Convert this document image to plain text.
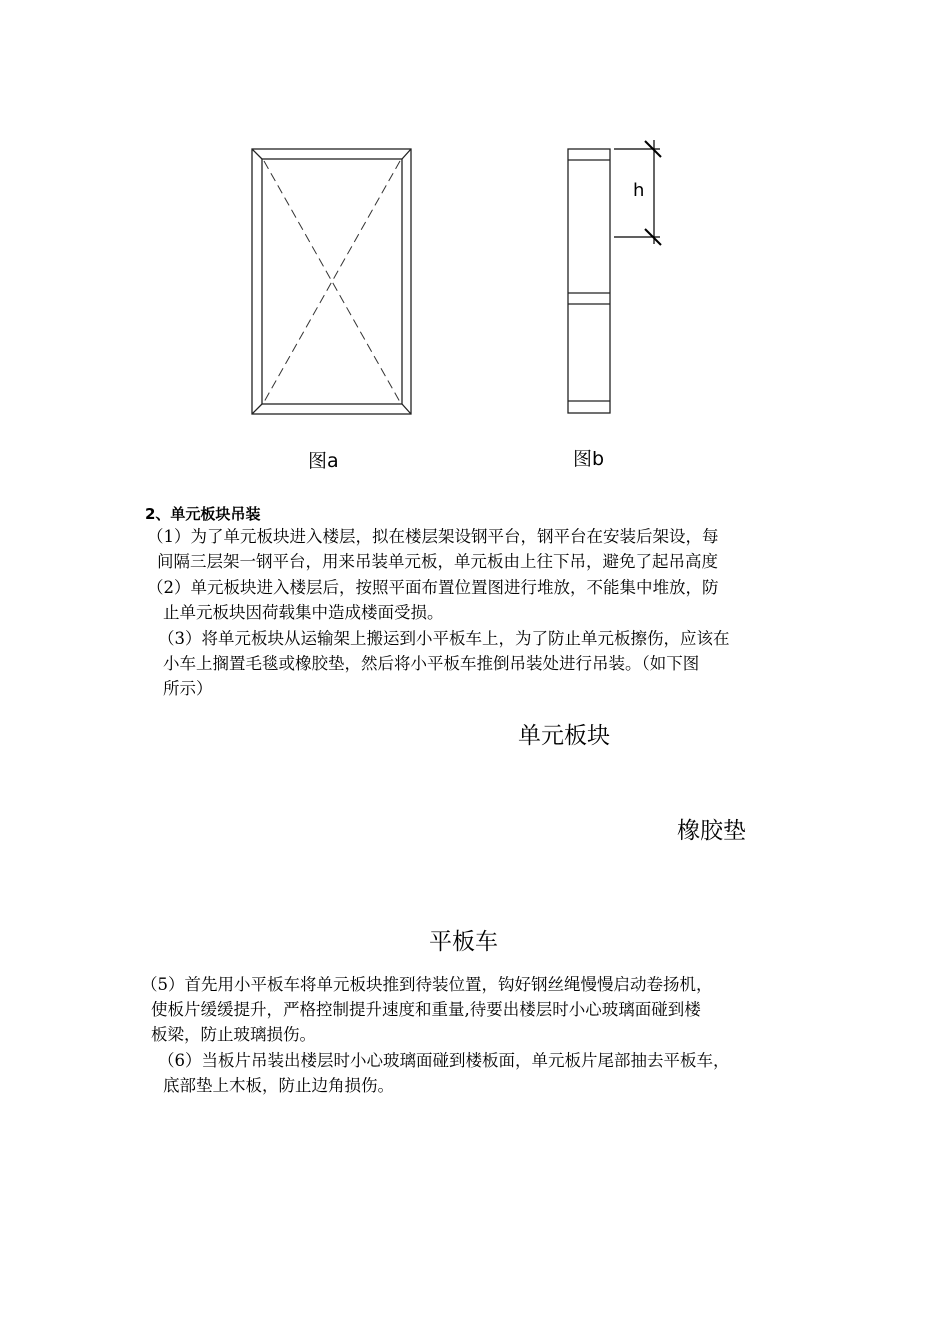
h
图a	图b
2、单元板块吊装
（1）为了单元板块进入楼层，拟在楼层架设钢平台，钢平台在安装后架设，每
间隔三层架一钢平台，用来吊装单元板，单元板由上往下吊，避免了起吊高度
（2）单元板块进入楼层后，按照平面布置位置图进行堆放，不能集中堆放，防
止单元板块因荷载集中造成楼面受损。
（3）将单元板块从运输架上搬运到小平板车上，为了防止单元板擦伤，应该在
小车上搁置毛毯或橡胶垫，然后将小平板车推倒吊装处进行吊装。（如下图
所示）
单元板块
橡胶垫
平板车
（5）首先用小平板车将单元板块推到待装位置，钩好钢丝绳慢慢启动卷扬机，
使板片缓缓提升，严格控制提升速度和重量,待要出楼层时小心玻璃面碰到楼
板梁，防止玻璃损伤。
（6）当板片吊装出楼层时小心玻璃面碰到楼板面，单元板片尾部抽去平板车，
底部垫上木板，防止边角损伤。
